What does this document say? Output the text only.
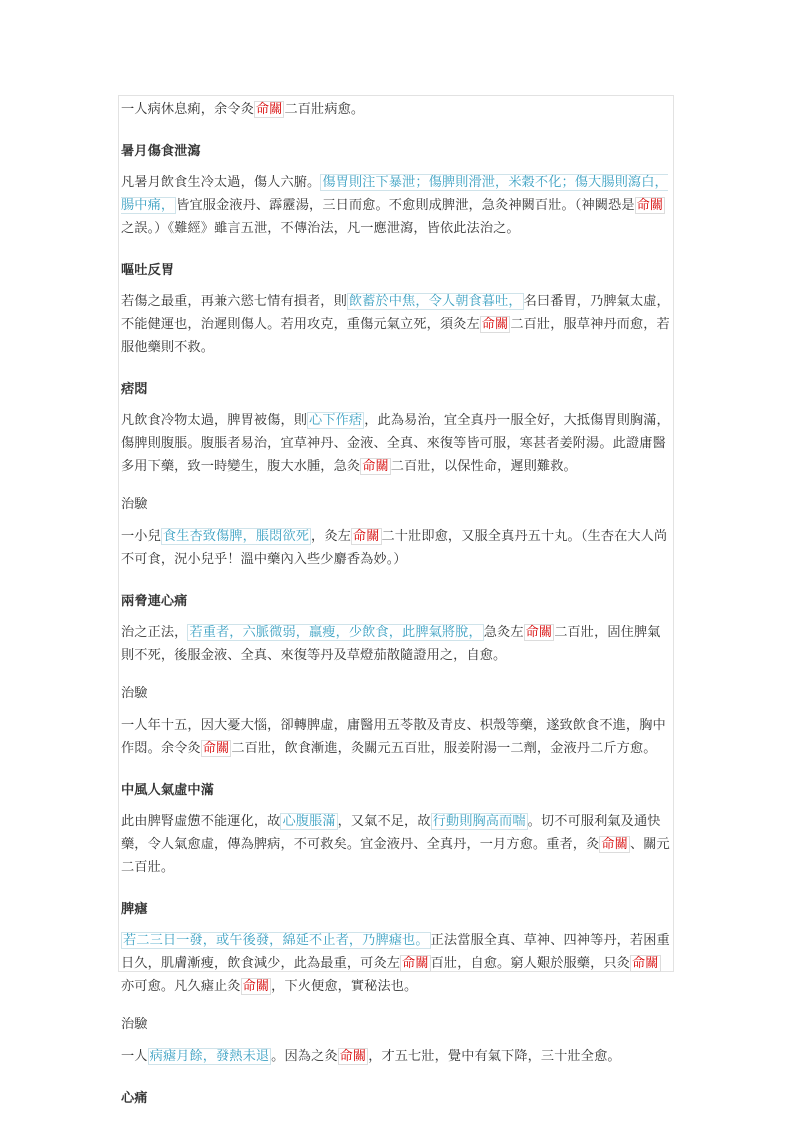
一人病休息痢，余令灸 命關 二百壯病愈。

暑月傷食泄瀉

凡暑月飲食生冷太過，傷人六腑。 傷胃則注下暴泄；傷脾則滑泄，米穀不化；傷大腸則瀉白，腸中痛， 皆宜服金液丹、霹靂湯，三日而愈。不愈則成脾泄，急灸神闕百壯。（神闕恐是 命關之誤。）《難經》雖言五泄，不傳治法，凡一應泄瀉，皆依此法治之。

嘔吐反胃

若傷之最重，再兼六慾七情有損者，則 飲蓄於中焦，令人朝食暮吐， 名曰番胃，乃脾氣太虛，不能健運也，治遲則傷人。若用攻克，重傷元氣立死，須灸左 命關 二百壯，服草神丹而愈，若服他藥則不救。

痞悶

凡飲食冷物太過，脾胃被傷，則 心下作痞 ，此為易治，宜全真丹一服全好，大抵傷胃則胸滿，傷脾則腹脹。腹脹者易治，宜草神丹、金液、全真、來復等皆可服，寒甚者姜附湯。此證庸醫多用下藥，致一時變生，腹大水腫，急灸 命關 二百壯，以保性命，遲則難救。

治驗

一小兒 食生杏致傷脾，脹悶欲死 ，灸左 命關 二十壯即愈，又服全真丹五十丸。（生杏在大人尚不可食，況小兒乎！溫中藥內入些少麝香為妙。）

兩脅連心痛

治之正法， 若重者，六脈微弱，羸瘦，少飲食，此脾氣將脫， 急灸左 命關 二百壯，固住脾氣則不死，後服金液、全真、來復等丹及草燈茄散隨證用之，自愈。

治驗

一人年十五，因大憂大惱，卻轉脾虛，庸醫用五苓散及青皮、枳殼等藥，遂致飲食不進，胸中作悶。余令灸 命關 二百壯，飲食漸進，灸關元五百壯，服姜附湯一二劑，金液丹二斤方愈。

中風人氣虛中滿

此由脾腎虛憊不能運化，故 心腹脹滿 ，又氣不足，故 行動則胸高而喘 。切不可服利氣及通快藥，令人氣愈虛，傳為脾病，不可救矣。宜金液丹、全真丹，一月方愈。重者，灸 命關 、關元二百壯。

脾瘧

若二三日一發，或午後發，綿延不止者，乃脾瘧也。 正法當服全真、草神、四神等丹，若困重日久，肌膚漸瘦，飲食減少，此為最重，可灸左 命關 百壯，自愈。窮人艱於服藥，只灸 命關亦可愈。凡久瘧止灸 命關 ，下火便愈，實秘法也。

治驗

一人 病瘧月餘，發熱未退 。因為之灸 命關 ，才五七壯，覺中有氣下降，三十壯全愈。

心痛
